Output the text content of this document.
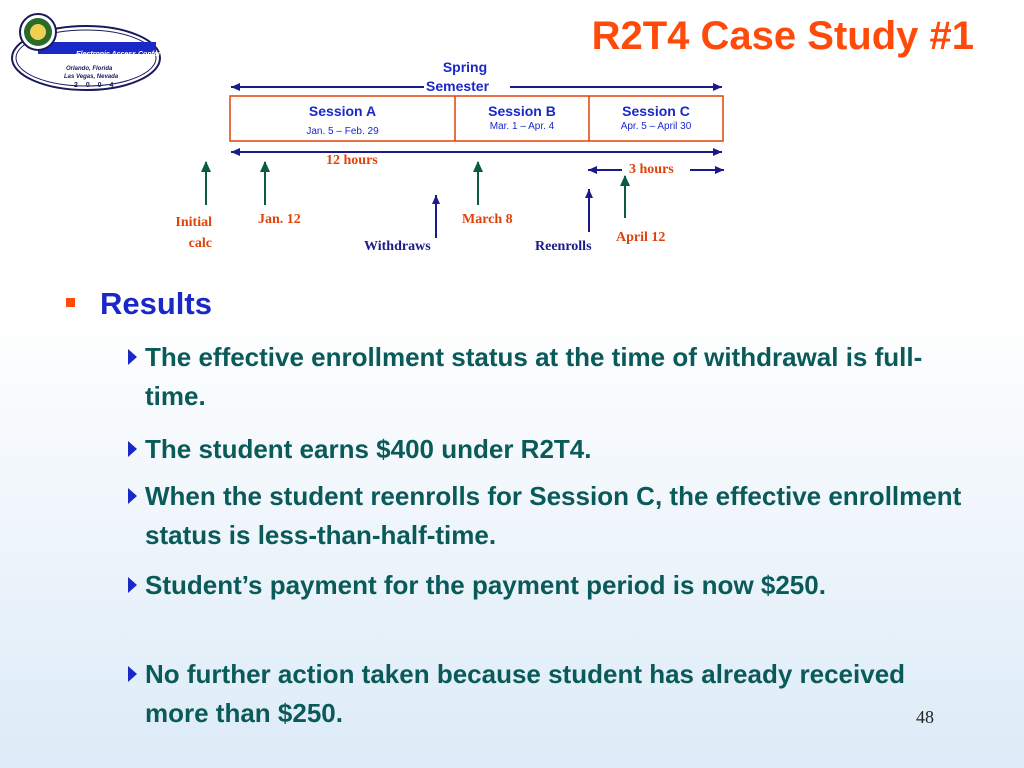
Electronic Access Conference
Orlando, Florida
Las Vegas, Nevada
2 0 0 4
R2T4 Case Study #1
Spring
Semester
Session A
Jan. 5 – Feb. 29
Session B
Mar. 1 – Apr. 4
Session C
Apr. 5 – April 30
12 hours
3 hours
Initial
calc
Jan. 12
Withdraws
March 8
Reenrolls
April 12
Results
The effective enrollment status at the time of withdrawal is full-time.
The student earns $400 under R2T4.
When the student reenrolls for Session C, the effective enrollment status is less-than-half-time.
Student’s payment for the payment period is now $250.
No further action taken because student has already received more than $250.	48
